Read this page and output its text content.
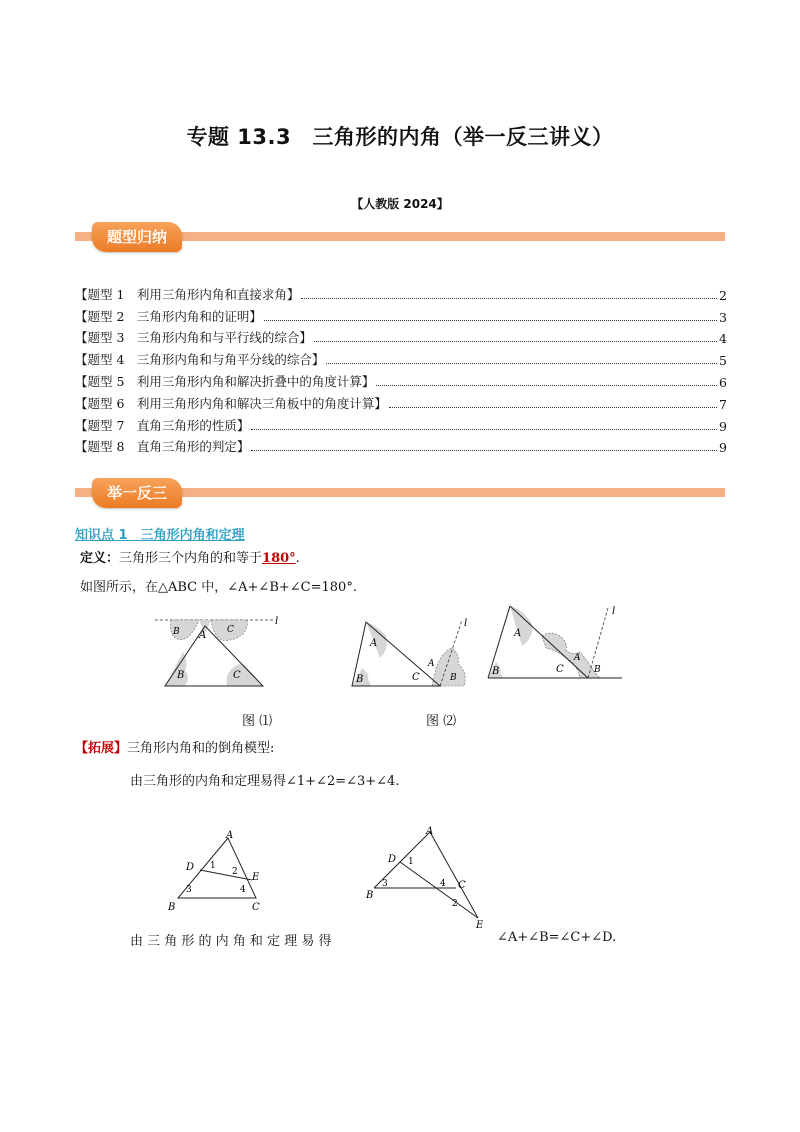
专题 13.3　三角形的内角（举一反三讲义）
【人教版 2024】
题型归纳
【题型 1　利用三角形内角和直接求角】	2
【题型 2　三角形内角和的证明】	3
【题型 3　三角形内角和与平行线的综合】	4
【题型 4　三角形内角和与角平分线的综合】	5
【题型 5　利用三角形内角和解决折叠中的角度计算】	6
【题型 6　利用三角形内角和解决三角板中的角度计算】	7
【题型 7　直角三角形的性质】	9
【题型 8　直角三角形的判定】	9
举一反三
知识点 1　三角形内角和定理
定义：三角形三个内角的和等于180°.
如图所示，在△ABC 中，∠A+∠B+∠C=180°.
l
A
B	C
B	C
l
A
B	C
A
B
l
A
B	C
A
B
图 ⑴	图 ⑵
【拓展】三角形内角和的倒角模型:
由三角形的内角和定理易得∠1+∠2=∠3+∠4.
A
D
E
B	C
1
2
3	4
A
D
B
C
E
1
2
3	4
由 三 角 形 的 内 角 和 定 理 易 得	∠A+∠B=∠C+∠D.
